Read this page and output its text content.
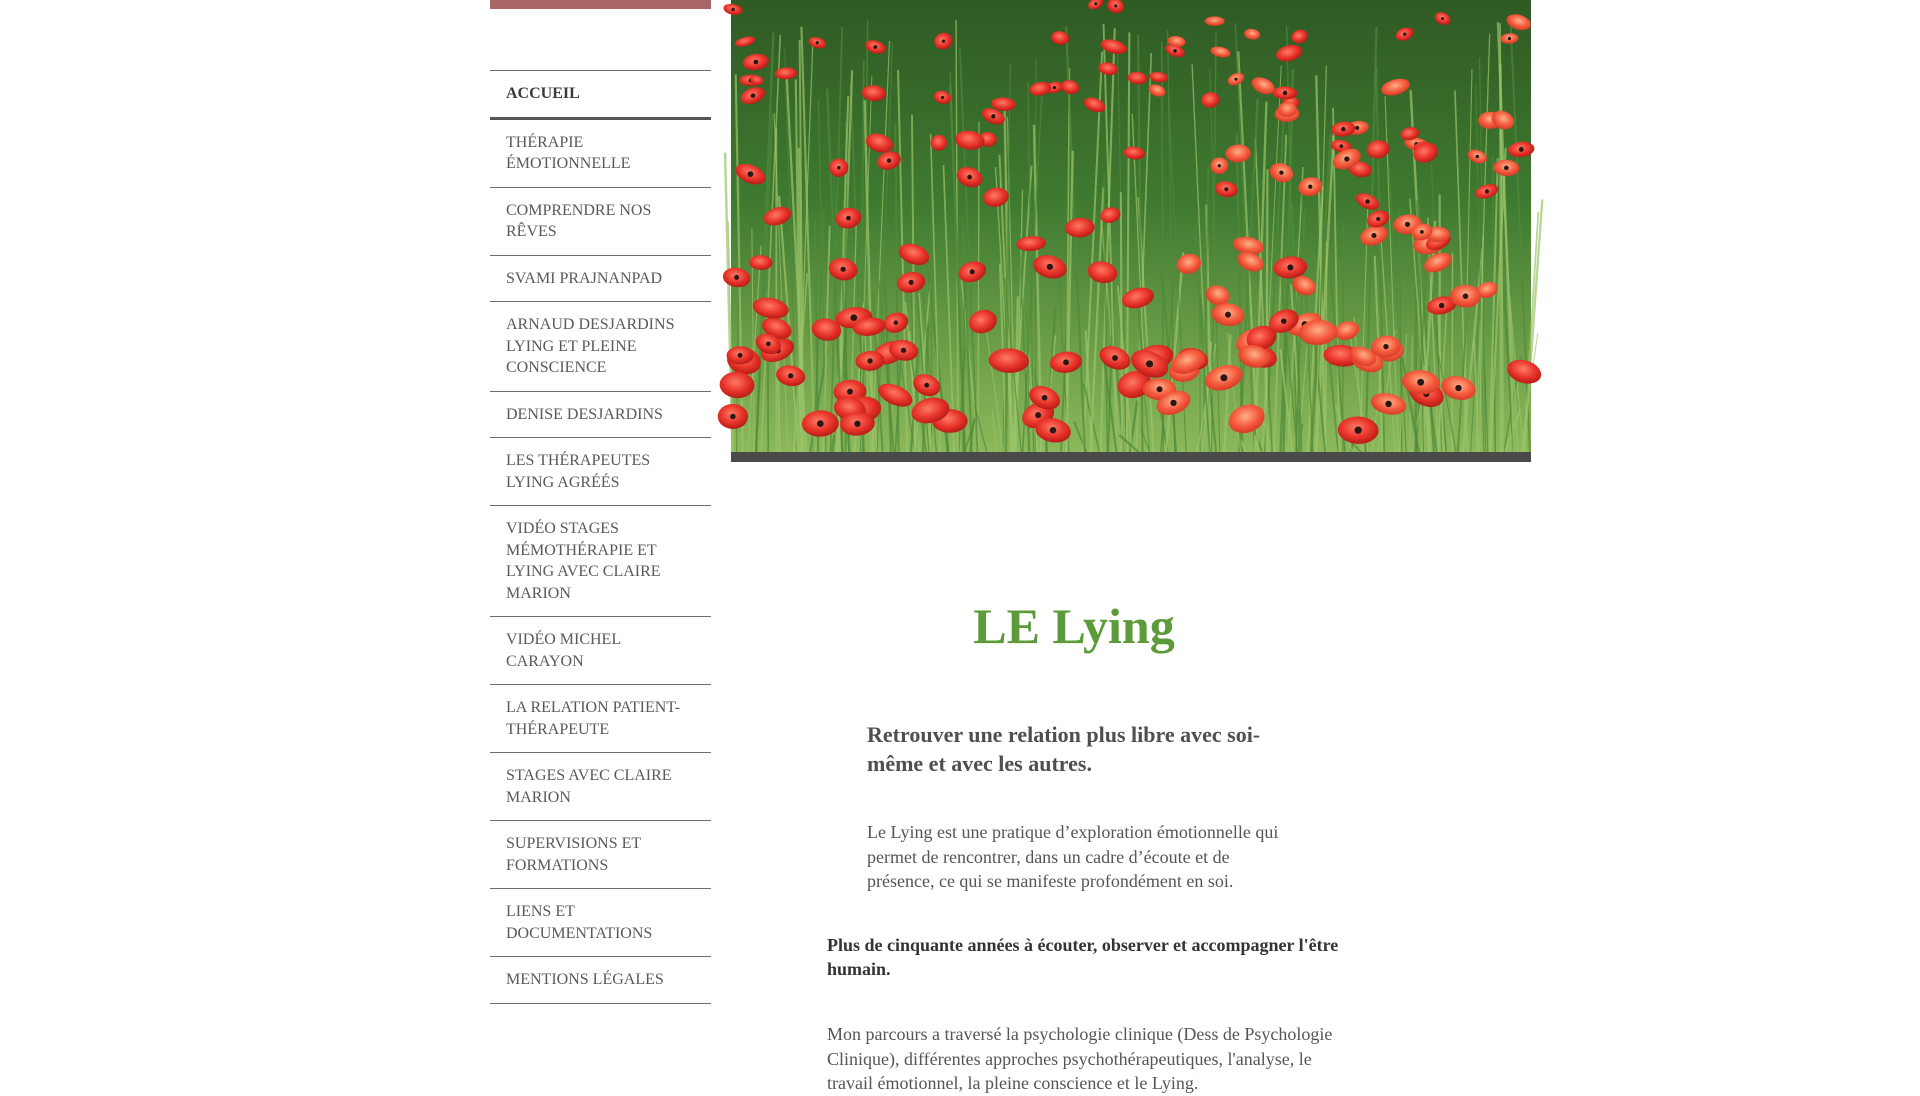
ACCUEIL
THÉRAPIE ÉMOTIONNELLE
COMPRENDRE NOS RÊVES
SVAMI PRAJNANPAD
ARNAUD DESJARDINS LYING ET PLEINE CONSCIENCE
DENISE DESJARDINS
LES THÉRAPEUTES LYING AGRÉÉS
VIDÉO STAGES MÉMOTHÉRAPIE ET LYING AVEC CLAIRE MARION
VIDÉO MICHEL CARAYON
LA RELATION PATIENT-THÉRAPEUTE
STAGES AVEC CLAIRE MARION
SUPERVISIONS ET FORMATIONS
LIENS ET DOCUMENTATIONS
MENTIONS LÉGALES
LE Lying

Retrouver une relation plus libre avec soi-même et avec les autres.

Le Lying est une pratique d’exploration émotionnelle qui permet de rencontrer, dans un cadre d’écoute et de présence, ce qui se manifeste profondément en soi.

Plus de cinquante années à écouter, observer et accompagner l'être humain.

Mon parcours a traversé la psychologie clinique (Dess de Psychologie Clinique), différentes approches psychothérapeutiques, l'analyse, le travail émotionnel, la pleine conscience et le Lying.
